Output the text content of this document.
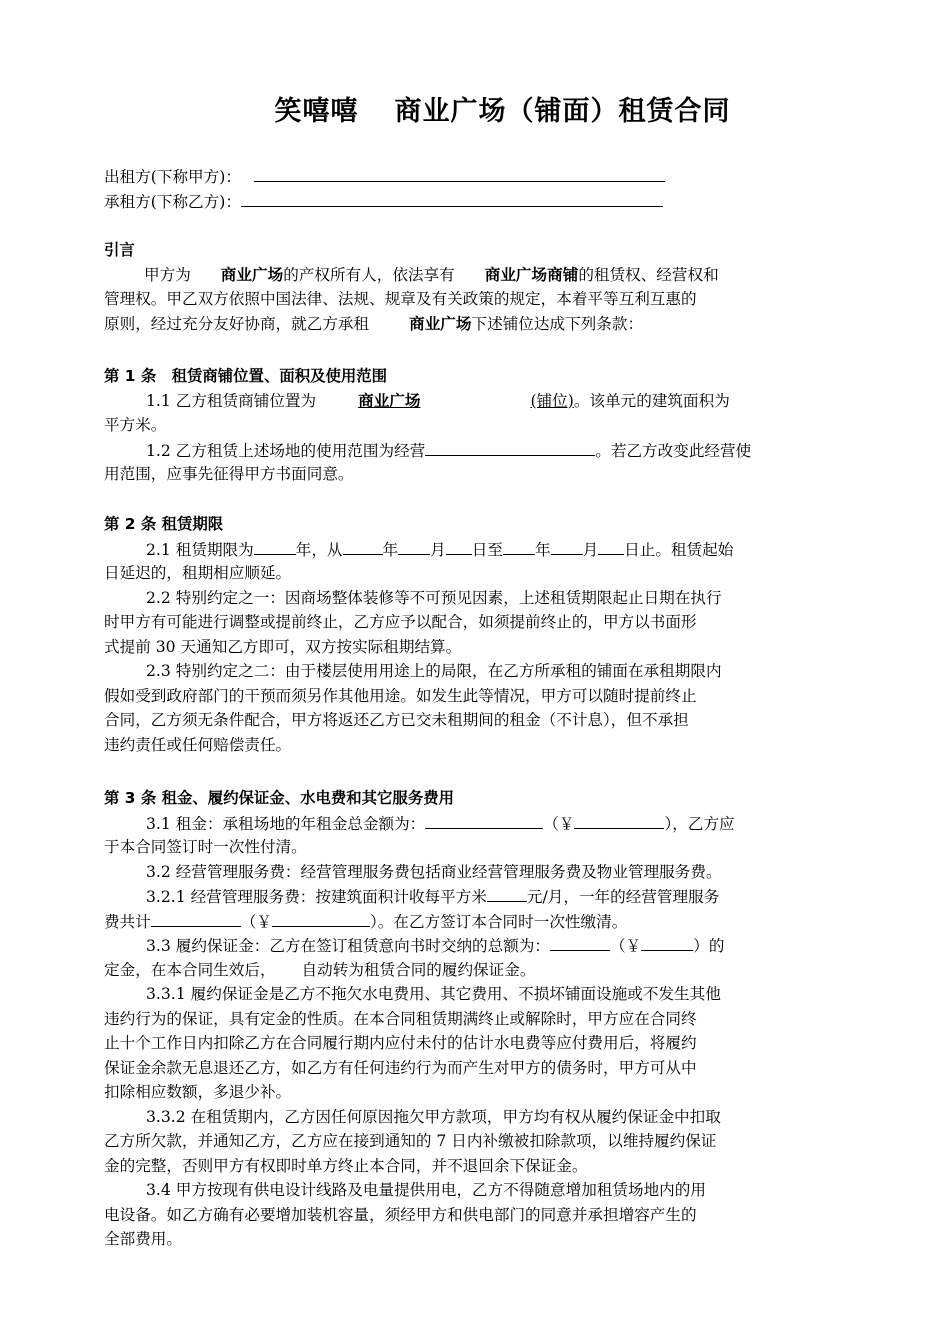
笑嘻嘻 商业广场（铺面）租赁合同
出租方(下称甲方)：
承租方(下称乙方)：
引言
甲方为 商业广场的产权所有人，依法享有 商业广场商铺的租赁权、经营权和
管理权。甲乙双方依照中国法律、法规、规章及有关政策的规定，本着平等互利互惠的
原则，经过充分友好协商，就乙方承租	商业广场下述铺位达成下列条款：
第 1 条　租赁商铺位置、面积及使用范围
1.1 乙方租赁商铺位置为	商业广场	(铺位)。该单元的建筑面积为
平方米。
1.2 乙方租赁上述场地的使用范围为经营	。若乙方改变此经营使
用范围，应事先征得甲方书面同意。
第 2 条 租赁期限
2.1 租赁期限为	年，从	年 月 日至 年 月 日止。租赁起始
日延迟的，租期相应顺延。
2.2 特别约定之一：因商场整体装修等不可预见因素，上述租赁期限起止日期在执行
时甲方有可能进行调整或提前终止，乙方应予以配合，如须提前终止的，甲方以书面形
式提前 30 天通知乙方即可，双方按实际租期结算。
2.3 特别约定之二：由于楼层使用用途上的局限，在乙方所承租的铺面在承租期限内
假如受到政府部门的干预而须另作其他用途。如发生此等情况，甲方可以随时提前终止
合同，乙方须无条件配合，甲方将返还乙方已交未租期间的租金（不计息），但不承担
违约责任或任何赔偿责任。
第 3 条 租金、履约保证金、水电费和其它服务费用
3.1 租金：承租场地的年租金总金额为：	（￥	），乙方应
于本合同签订时一次性付清。
3.2 经营管理服务费：经营管理服务费包括商业经营管理服务费及物业管理服务费。
3.2.1 经营管理服务费：按建筑面积计收每平方米	元/月，一年的经营管理服务
费共计	（￥	）。在乙方签订本合同时一次性缴清。
3.3 履约保证金：乙方在签订租赁意向书时交纳的总额为：	（￥	）的
定金，在本合同生效后， 自动转为租赁合同的履约保证金。
3.3.1 履约保证金是乙方不拖欠水电费用、其它费用、不损坏铺面设施或不发生其他
违约行为的保证，具有定金的性质。在本合同租赁期满终止或解除时，甲方应在合同终
止十个工作日内扣除乙方在合同履行期内应付未付的估计水电费等应付费用后，将履约
保证金余款无息退还乙方，如乙方有任何违约行为而产生对甲方的债务时，甲方可从中
扣除相应数额，多退少补。
3.3.2 在租赁期内，乙方因任何原因拖欠甲方款项，甲方均有权从履约保证金中扣取
乙方所欠款，并通知乙方，乙方应在接到通知的 7 日内补缴被扣除款项，以维持履约保证
金的完整，否则甲方有权即时单方终止本合同，并不退回余下保证金。
3.4 甲方按现有供电设计线路及电量提供用电，乙方不得随意增加租赁场地内的用
电设备。如乙方确有必要增加装机容量，须经甲方和供电部门的同意并承担增容产生的
全部费用。
